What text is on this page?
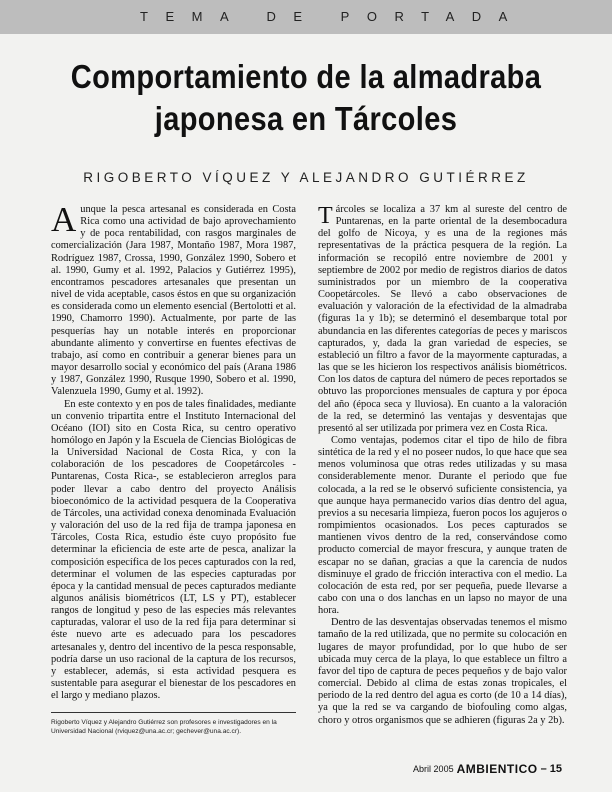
TEMA DE PORTADA
Comportamiento de la almadraba japonesa en Tárcoles
RIGOBERTO VÍQUEZ Y ALEJANDRO GUTIÉRREZ

Aunque la pesca artesanal es considerada en Costa Rica como una actividad de bajo aprovechamiento y de poca rentabilidad, con rasgos marginales de comercialización (Jara 1987, Montaño 1987, Mora 1987, Rodríguez 1987, Crossa, 1990, González 1990, Sobero et al. 1990, Gumy et al. 1992, Palacios y Gutiérrez 1995), encontramos pescadores artesanales que presentan un nivel de vida aceptable, casos éstos en que su organización es considerada como un elemento esencial (Bertolotti et al. 1990, Chamorro 1990). Actualmente, por parte de las pesquerías hay un notable interés en proporcionar abundante alimento y convertirse en fuentes efectivas de trabajo, así como en contribuir a generar bienes para un mayor desarrollo social y económico del país (Arana 1986 y 1987, González 1990, Rusque 1990, Sobero et al. 1990, Valenzuela 1990, Gumy et al. 1992).

En este contexto y en pos de tales finalidades, mediante un convenio tripartita entre el Instituto Internacional del Océano (IOI) sito en Costa Rica, su centro operativo homólogo en Japón y la Escuela de Ciencias Biológicas de la Universidad Nacional de Costa Rica, y con la colaboración de los pescadores de Coopetárcoles -Puntarenas, Costa Rica-, se establecieron arreglos para poder llevar a cabo dentro del proyecto Análisis bioeconómico de la actividad pesquera de la Cooperativa de Tárcoles, una actividad conexa denominada Evaluación y valoración del uso de la red fija de trampa japonesa en Tárcoles, Costa Rica, estudio éste cuyo propósito fue determinar la eficiencia de este arte de pesca, analizar la composición específica de los peces capturados con la red, determinar el volumen de las especies capturadas por época y la cantidad mensual de peces capturados mediante algunos análisis biométricos (LT, LS y PT), establecer rangos de longitud y peso de las especies más relevantes capturadas, valorar el uso de la red fija para determinar si éste nuevo arte es adecuado para los pescadores artesanales y, dentro del incentivo de la pesca responsable, podría darse un uso racional de la captura de los recursos, y establecer, además, si esta actividad pesquera es sustentable para asegurar el bienestar de los pescadores en el largo y mediano plazos.

Tárcoles se localiza a 37 km al sureste del centro de Puntarenas, en la parte oriental de la desembocadura del golfo de Nicoya, y es una de la regiones más representativas de la práctica pesquera de la región. La información se recopiló entre noviembre de 2001 y septiembre de 2002 por medio de registros diarios de datos suministrados por un miembro de la cooperativa Coopetárcoles. Se llevó a cabo observaciones de evaluación y valoración de la efectividad de la almadraba (figuras 1a y 1b); se determinó el desembarque total por abundancia en las diferentes categorías de peces y mariscos capturados, y, dada la gran variedad de especies, se estableció un filtro a favor de la mayormente capturadas, a las que se les hicieron los respectivos análisis biométricos. Con los datos de captura del número de peces reportados se obtuvo las proporciones mensuales de captura y por época del año (época seca y lluviosa). En cuanto a la valoración de la red, se determinó las ventajas y desventajas que presentó al ser utilizada por primera vez en Costa Rica.

Como ventajas, podemos citar el tipo de hilo de fibra sintética de la red y el no poseer nudos, lo que hace que sea menos voluminosa que otras redes utilizadas y su masa considerablemente menor. Durante el periodo que fue colocada, a la red se le observó suficiente consistencia, ya que aunque haya permanecido varios días dentro del agua, previos a su necesaria limpieza, fueron pocos los agujeros o rompimientos ocasionados. Los peces capturados se mantienen vivos dentro de la red, conservándose como producto comercial de mayor frescura, y aunque traten de escapar no se dañan, gracias a que la carencia de nudos disminuye el grado de fricción interactiva con el medio. La colocación de esta red, por ser pequeña, puede llevarse a cabo con una o dos lanchas en un lapso no mayor de una hora.

Dentro de las desventajas observadas tenemos el mismo tamaño de la red utilizada, que no permite su colocación en lugares de mayor profundidad, por lo que hubo de ser ubicada muy cerca de la playa, lo que establece un filtro a favor del tipo de captura de peces pequeños y de bajo valor comercial. Debido al clima de estas zonas tropicales, el periodo de la red dentro del agua es corto (de 10 a 14 días), ya que la red se va cargando de biofouling como algas, choro y otros organismos que se adhieren (figuras 2a y 2b).

Rigoberto Víquez y Alejandro Gutiérrez son profesores e investigadores en la Universidad Nacional (rviquez@una.ac.cr; gechever@una.ac.cr).
Abril 2005 AMBIENTICO – 15
